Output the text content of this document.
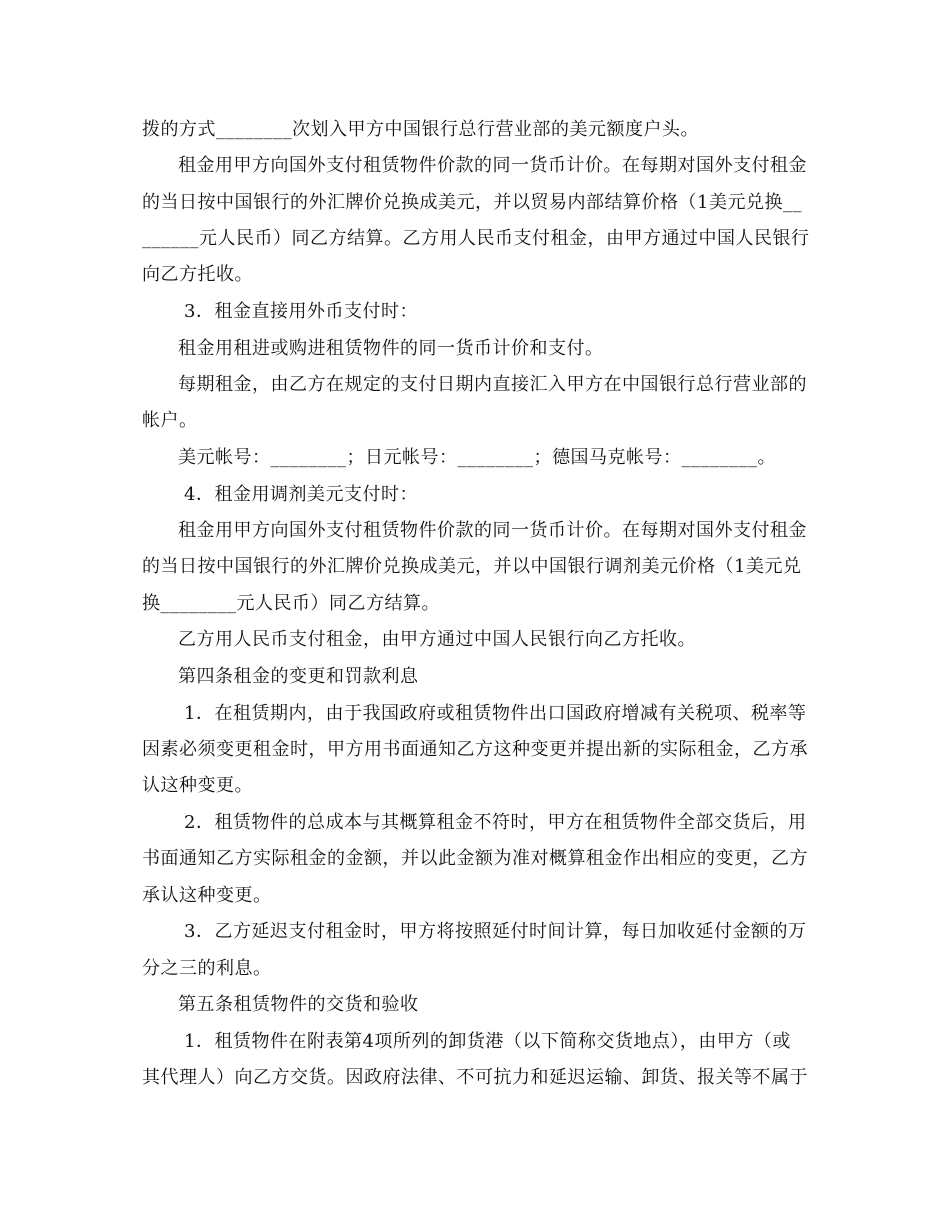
拨的方式________次划入甲方中国银行总行营业部的美元额度户头。

租金用甲方向国外支付租赁物件价款的同一货币计价。在每期对国外支付租金

的当日按中国银行的外汇牌价兑换成美元，并以贸易内部结算价格（1美元兑换__

______元人民币）同乙方结算。乙方用人民币支付租金，由甲方通过中国人民银行

向乙方托收。

3．租金直接用外币支付时：

租金用租进或购进租赁物件的同一货币计价和支付。

每期租金，由乙方在规定的支付日期内直接汇入甲方在中国银行总行营业部的

帐户。

美元帐号：________；日元帐号：________；德国马克帐号：________。

4．租金用调剂美元支付时：

租金用甲方向国外支付租赁物件价款的同一货币计价。在每期对国外支付租金

的当日按中国银行的外汇牌价兑换成美元，并以中国银行调剂美元价格（1美元兑

换________元人民币）同乙方结算。

乙方用人民币支付租金，由甲方通过中国人民银行向乙方托收。

第四条租金的变更和罚款利息

1．在租赁期内，由于我国政府或租赁物件出口国政府增减有关税项、税率等

因素必须变更租金时，甲方用书面通知乙方这种变更并提出新的实际租金，乙方承

认这种变更。

2．租赁物件的总成本与其概算租金不符时，甲方在租赁物件全部交货后，用

书面通知乙方实际租金的金额，并以此金额为准对概算租金作出相应的变更，乙方

承认这种变更。

3．乙方延迟支付租金时，甲方将按照延付时间计算，每日加收延付金额的万

分之三的利息。

第五条租赁物件的交货和验收

1．租赁物件在附表第4项所列的卸货港（以下简称交货地点），由甲方（或

其代理人）向乙方交货。因政府法律、不可抗力和延迟运输、卸货、报关等不属于
